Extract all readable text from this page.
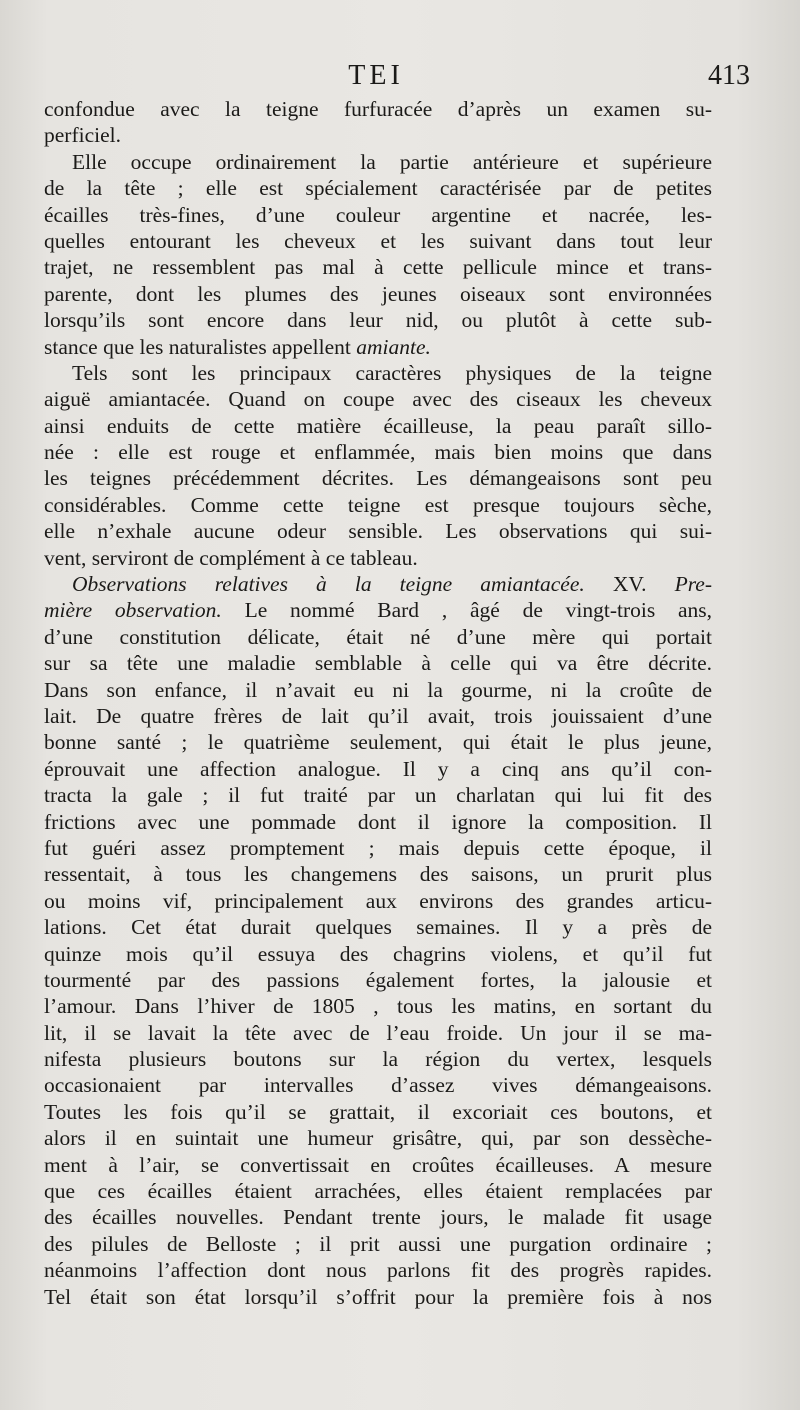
TEI	413
confondue avec la teigne furfuracée d’après un examen su-
perficiel.
Elle occupe ordinairement la partie antérieure et supérieure
de la tête ; elle est spécialement caractérisée par de petites
écailles très-fines, d’une couleur argentine et nacrée, les-
quelles entourant les cheveux et les suivant dans tout leur
trajet, ne ressemblent pas mal à cette pellicule mince et trans-
parente, dont les plumes des jeunes oiseaux sont environnées
lorsqu’ils sont encore dans leur nid, ou plutôt à cette sub-
stance que les naturalistes appellent amiante.
Tels sont les principaux caractères physiques de la teigne
aiguë amiantacée. Quand on coupe avec des ciseaux les cheveux
ainsi enduits de cette matière écailleuse, la peau paraît sillo-
née : elle est rouge et enflammée, mais bien moins que dans
les teignes précédemment décrites. Les démangeaisons sont peu
considérables. Comme cette teigne est presque toujours sèche,
elle n’exhale aucune odeur sensible. Les observations qui sui-
vent, serviront de complément à ce tableau.
Observations relatives à la teigne amiantacée. XV. Pre-
mière observation. Le nommé Bard , âgé de vingt-trois ans,
d’une constitution délicate, était né d’une mère qui portait
sur sa tête une maladie semblable à celle qui va être décrite.
Dans son enfance, il n’avait eu ni la gourme, ni la croûte de
lait. De quatre frères de lait qu’il avait, trois jouissaient d’une
bonne santé ; le quatrième seulement, qui était le plus jeune,
éprouvait une affection analogue. Il y a cinq ans qu’il con-
tracta la gale ; il fut traité par un charlatan qui lui fit des
frictions avec une pommade dont il ignore la composition. Il
fut guéri assez promptement ; mais depuis cette époque, il
ressentait, à tous les changemens des saisons, un prurit plus
ou moins vif, principalement aux environs des grandes articu-
lations. Cet état durait quelques semaines. Il y a près de
quinze mois qu’il essuya des chagrins violens, et qu’il fut
tourmenté par des passions également fortes, la jalousie et
l’amour. Dans l’hiver de 1805 , tous les matins, en sortant du
lit, il se lavait la tête avec de l’eau froide. Un jour il se ma-
nifesta plusieurs boutons sur la région du vertex, lesquels
occasionaient par intervalles d’assez vives démangeaisons.
Toutes les fois qu’il se grattait, il excoriait ces boutons, et
alors il en suintait une humeur grisâtre, qui, par son dessèche-
ment à l’air, se convertissait en croûtes écailleuses. A mesure
que ces écailles étaient arrachées, elles étaient remplacées par
des écailles nouvelles. Pendant trente jours, le malade fit usage
des pilules de Belloste ; il prit aussi une purgation ordinaire ;
néanmoins l’affection dont nous parlons fit des progrès rapides.
Tel était son état lorsqu’il s’offrit pour la première fois à nos
